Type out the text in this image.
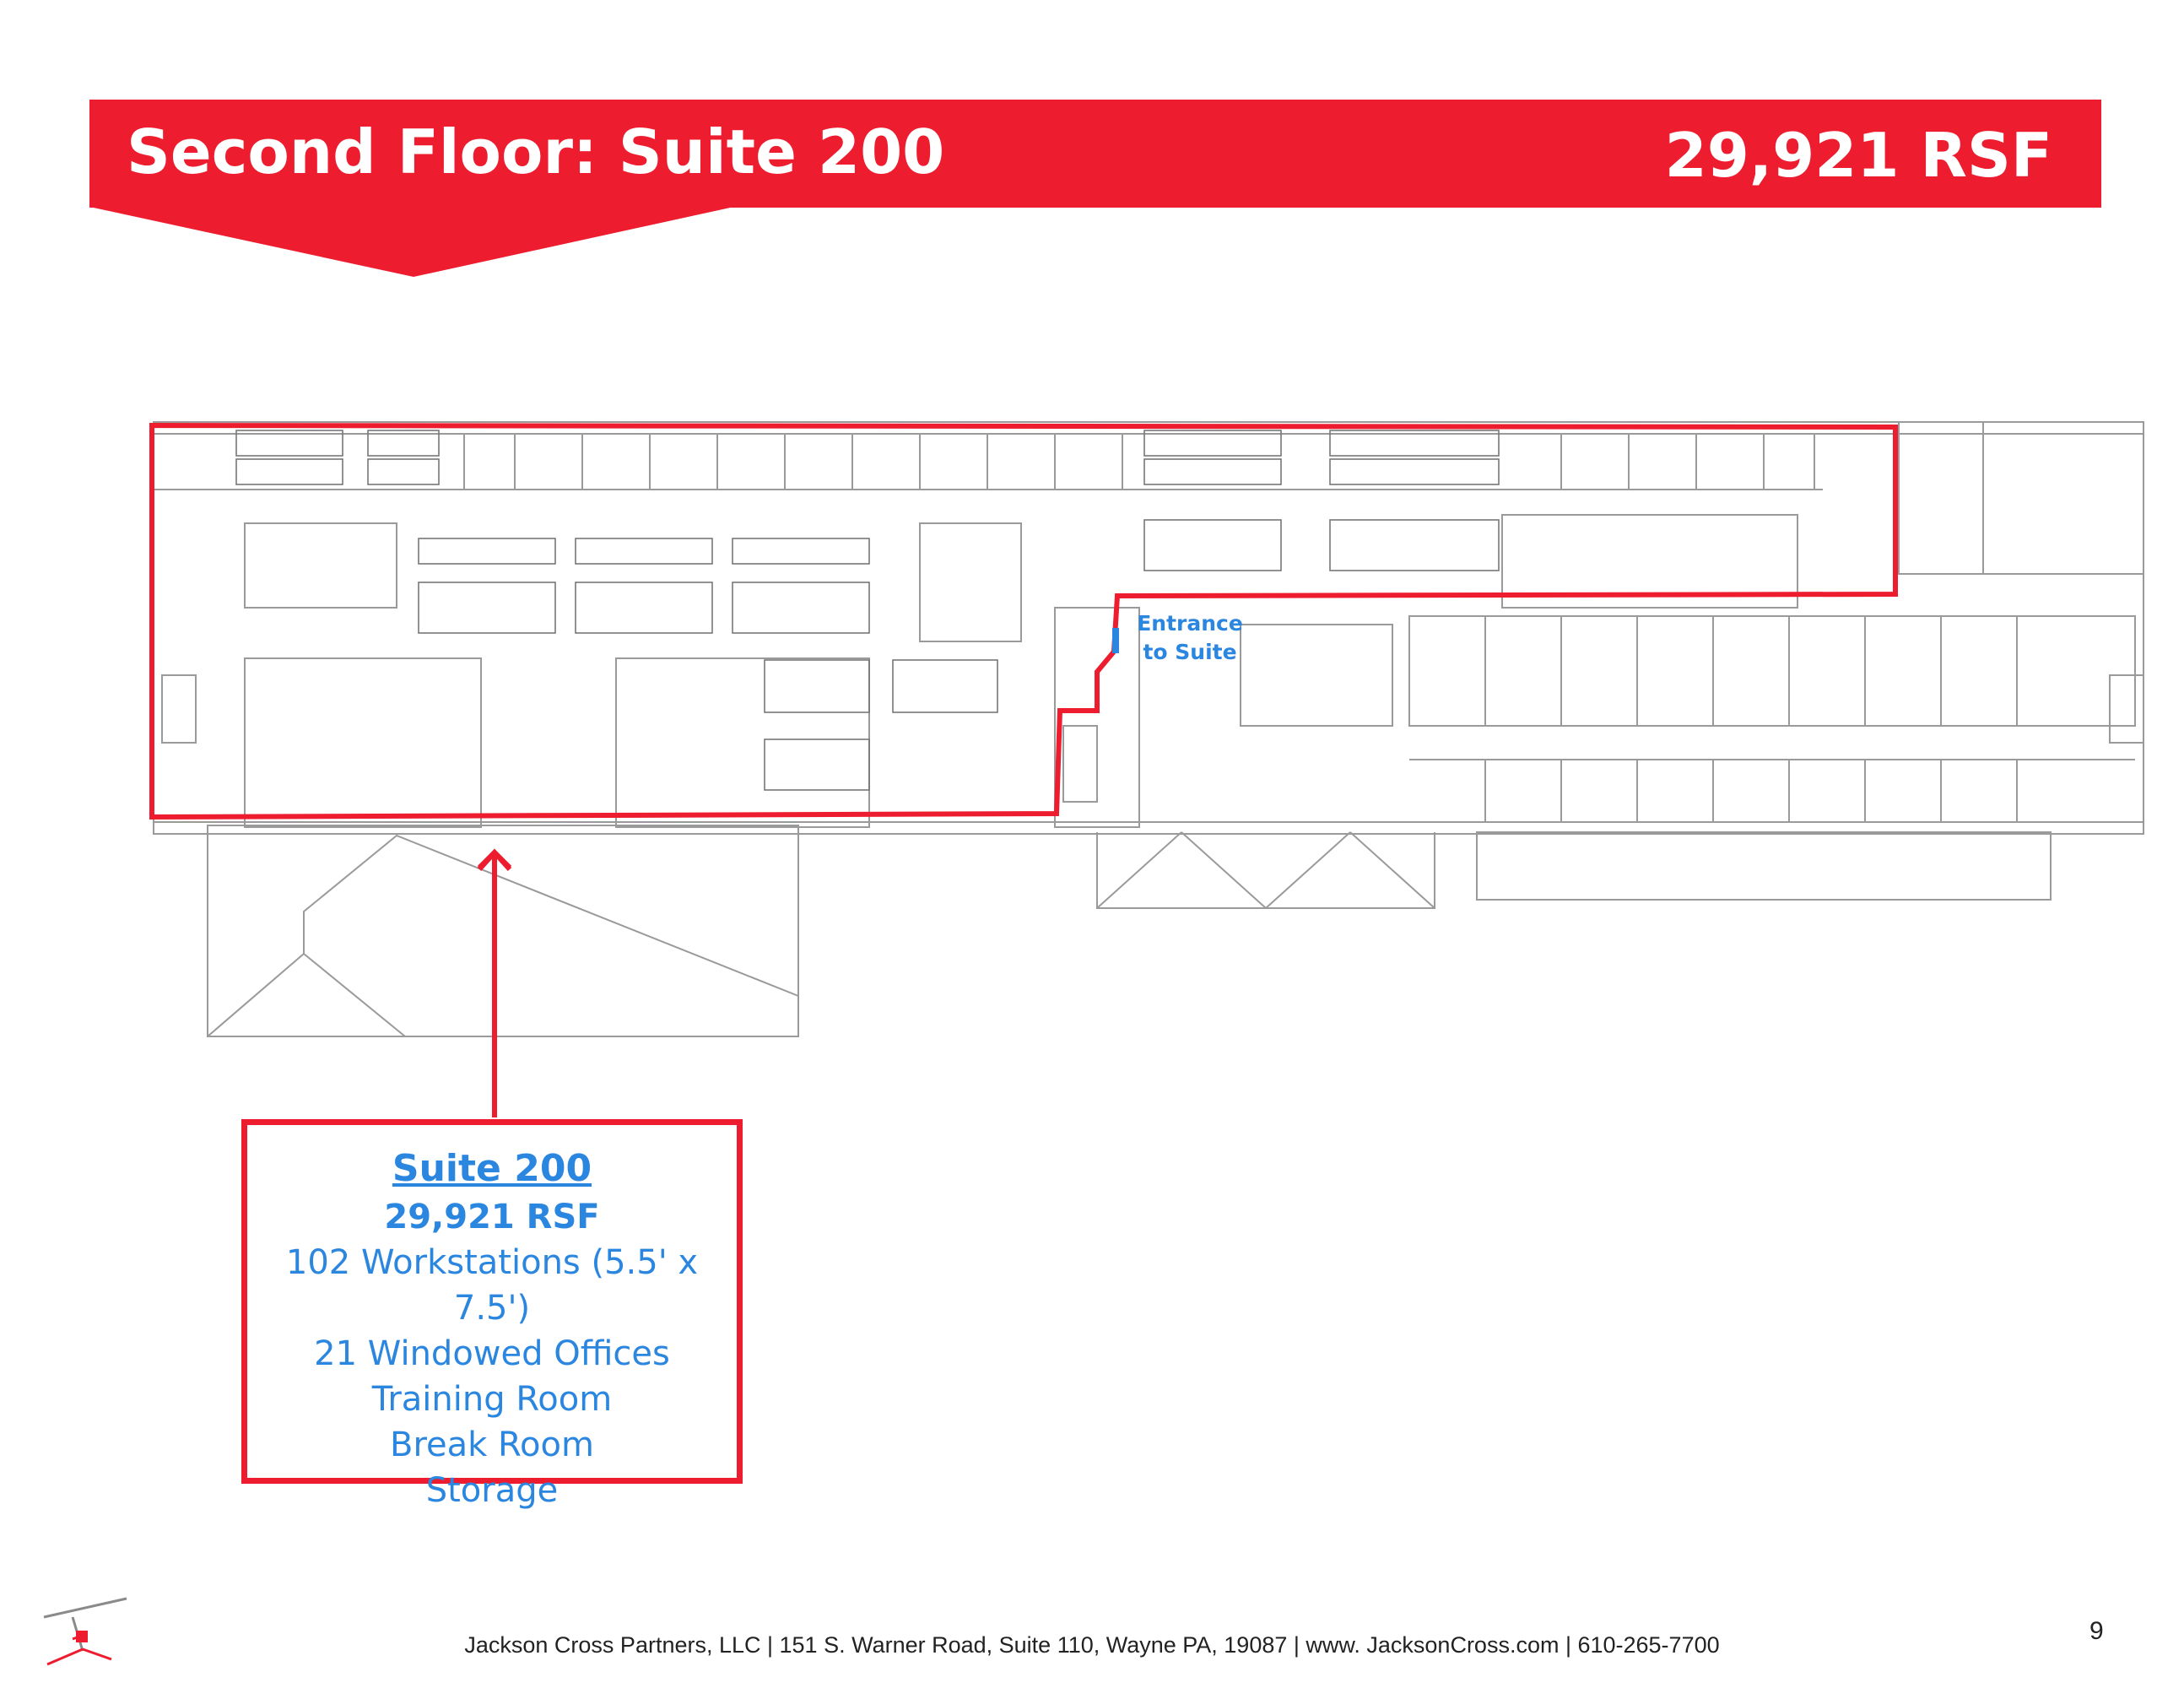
Second Floor: Suite 200	29,921 RSF
Entrance
to Suite
Suite 200
29,921 RSF
102 Workstations (5.5' x 7.5')
21 Windowed Offices
Training Room
Break Room
Storage
Jackson Cross Partners, LLC | 151 S. Warner Road, Suite 110, Wayne PA, 19087 | www. JacksonCross.com | 610-265-7700	9
